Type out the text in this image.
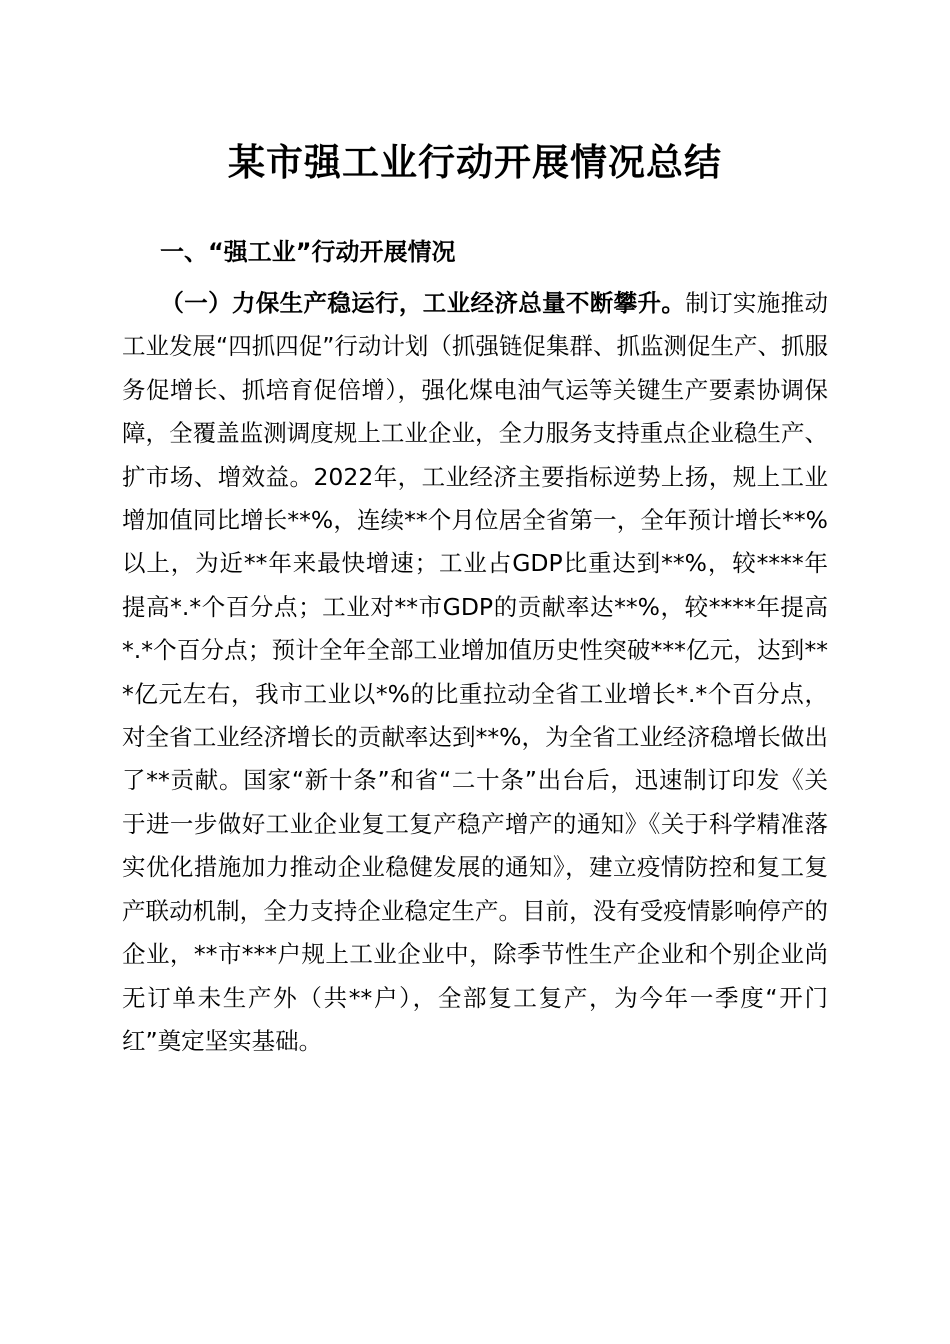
某市强工业行动开展情况总结
一、“强工业”行动开展情况
（一）力保生产稳运行，工业经济总量不断攀升。制订实施推动工业发展“四抓四促”行动计划（抓强链促集群、抓监测促生产、抓服务促增长、抓培育促倍增），强化煤电油气运等关键生产要素协调保障，全覆盖监测调度规上工业企业，全力服务支持重点企业稳生产、扩市场、增效益。2022年，工业经济主要指标逆势上扬，规上工业增加值同比增长**%，连续**个月位居全省第一，全年预计增长**%以上，为近**年来最快增速；工业占GDP比重达到**%，较****年提高*.*个百分点；工业对**市GDP的贡献率达**%，较****年提高*.*个百分点；预计全年全部工业增加值历史性突破***亿元，达到***亿元左右，我市工业以*%的比重拉动全省工业增长*.*个百分点，对全省工业经济增长的贡献率达到**%，为全省工业经济稳增长做出了**贡献。国家“新十条”和省“二十条”出台后，迅速制订印发《关于进一步做好工业企业复工复产稳产增产的通知》《关于科学精准落实优化措施加力推动企业稳健发展的通知》，建立疫情防控和复工复产联动机制，全力支持企业稳定生产。目前，没有受疫情影响停产的企业，**市***户规上工业企业中，除季节性生产企业和个别企业尚无订单未生产外（共**户），全部复工复产，为今年一季度“开门红”奠定坚实基础。
